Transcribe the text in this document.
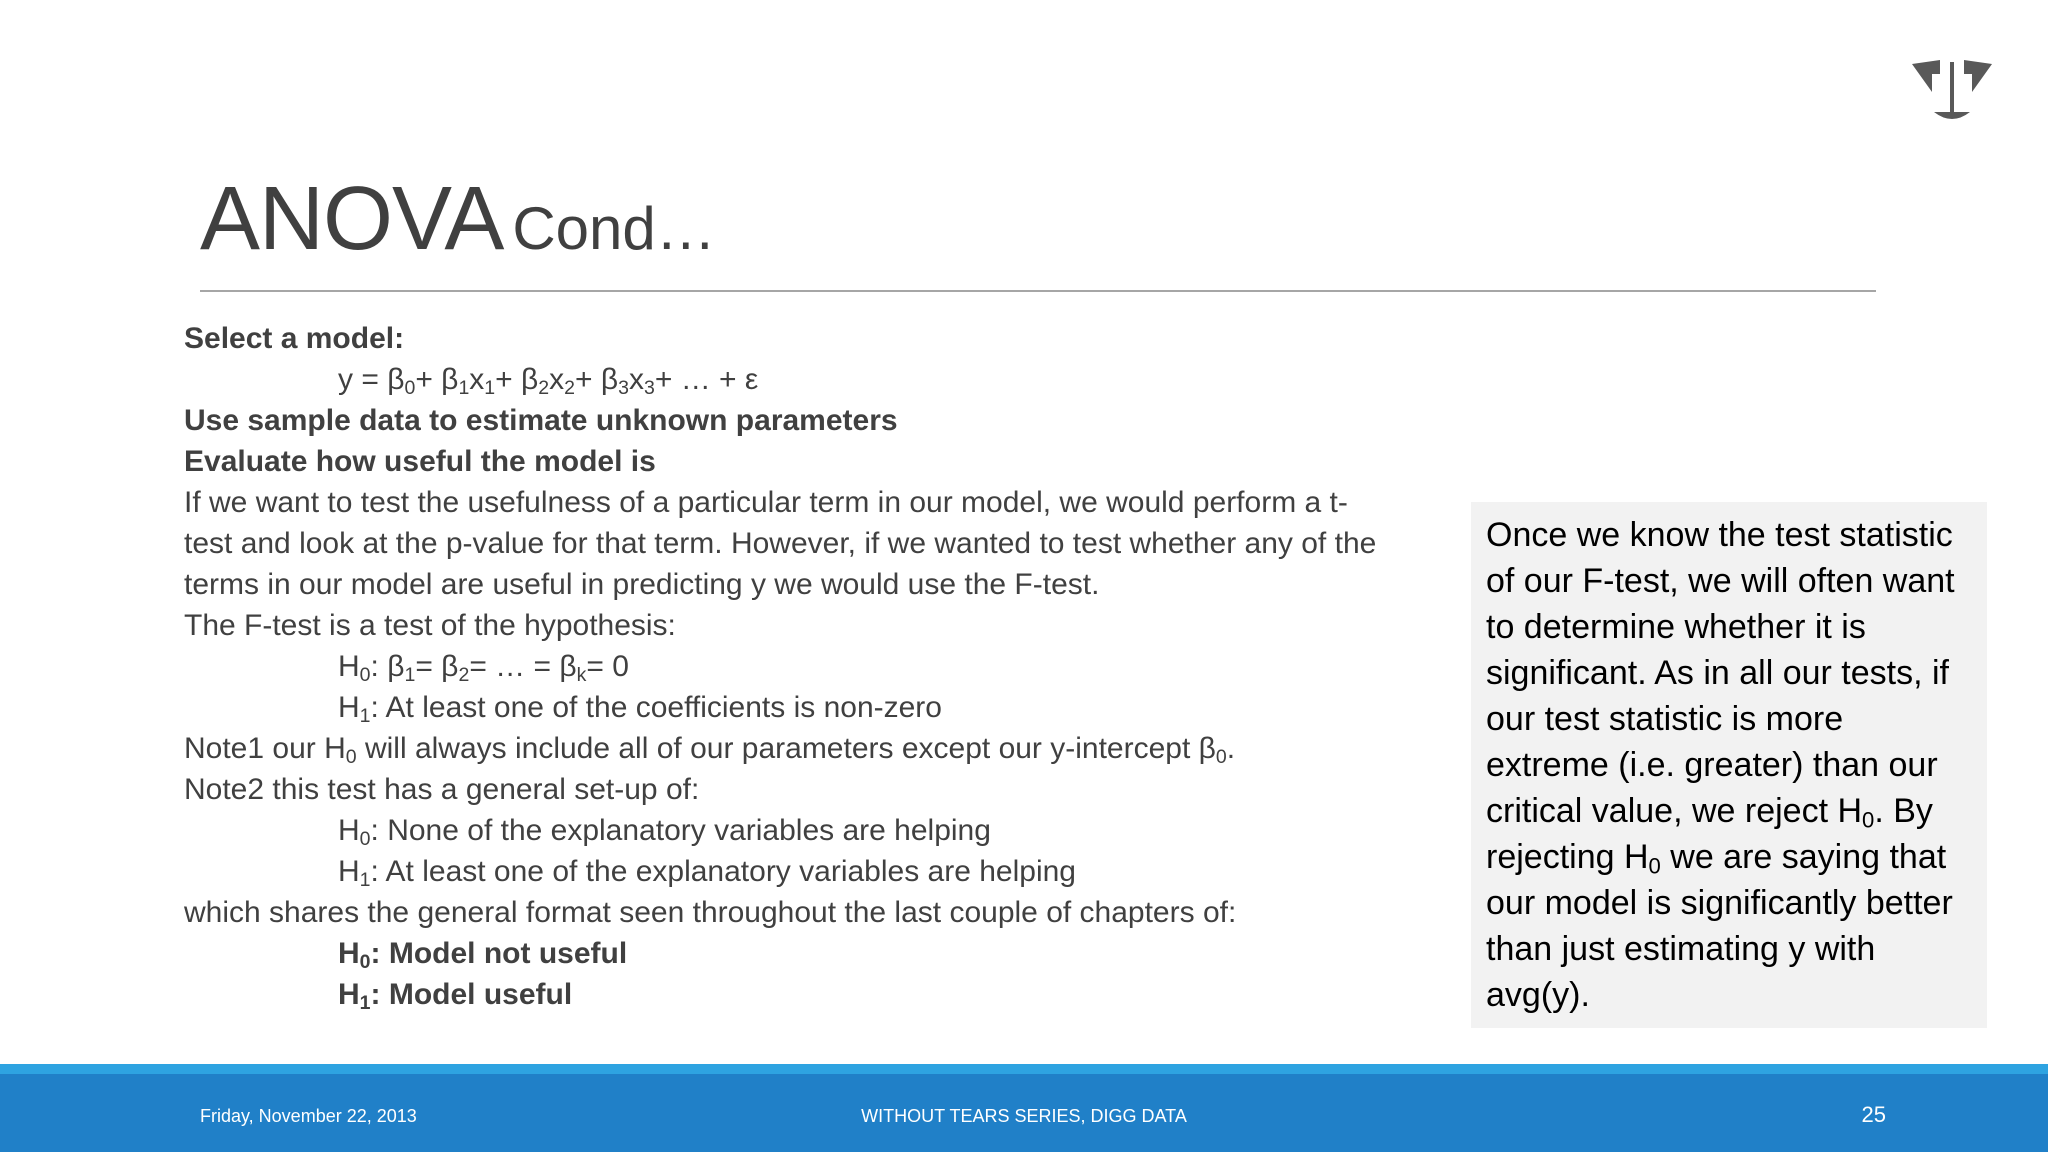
ANOVA Cond…
Select a model:
$y = \beta_0+ \beta_1x_1+ \beta_2x_2+ \beta_3x_3+$ … + ε
Use sample data to estimate unknown parameters
Evaluate how useful the model is
If we want to test the usefulness of a particular term in our model, we would perform a t-test and look at the p-value for that term. However, if we wanted to test whether any of the terms in our model are useful in predicting y we would use the F-test.
The F-test is a test of the hypothesis:
$H_0$: $\beta_1= \beta_2=$ … = $\beta_k= 0$
$H_1$: At least one of the coefficients is non-zero
Note1 our $H_0$ will always include all of our parameters except our y-intercept $\beta_0$.
Note2 this test has a general set-up of:
$H_0$: None of the explanatory variables are helping
$H_1$: At least one of the explanatory variables are helping
which shares the general format seen throughout the last couple of chapters of:
$H_0$: Model not useful
$H_1$: Model useful
Once we know the test statistic of our F-test, we will often want to determine whether it is significant. As in all our tests, if our test statistic is more extreme (i.e. greater) than our critical value, we reject $H_0$. By rejecting $H_0$ we are saying that our model is significantly better than just estimating y with avg(y).
Friday, November 22, 2013	WITHOUT TEARS SERIES, DIGG DATA	25
